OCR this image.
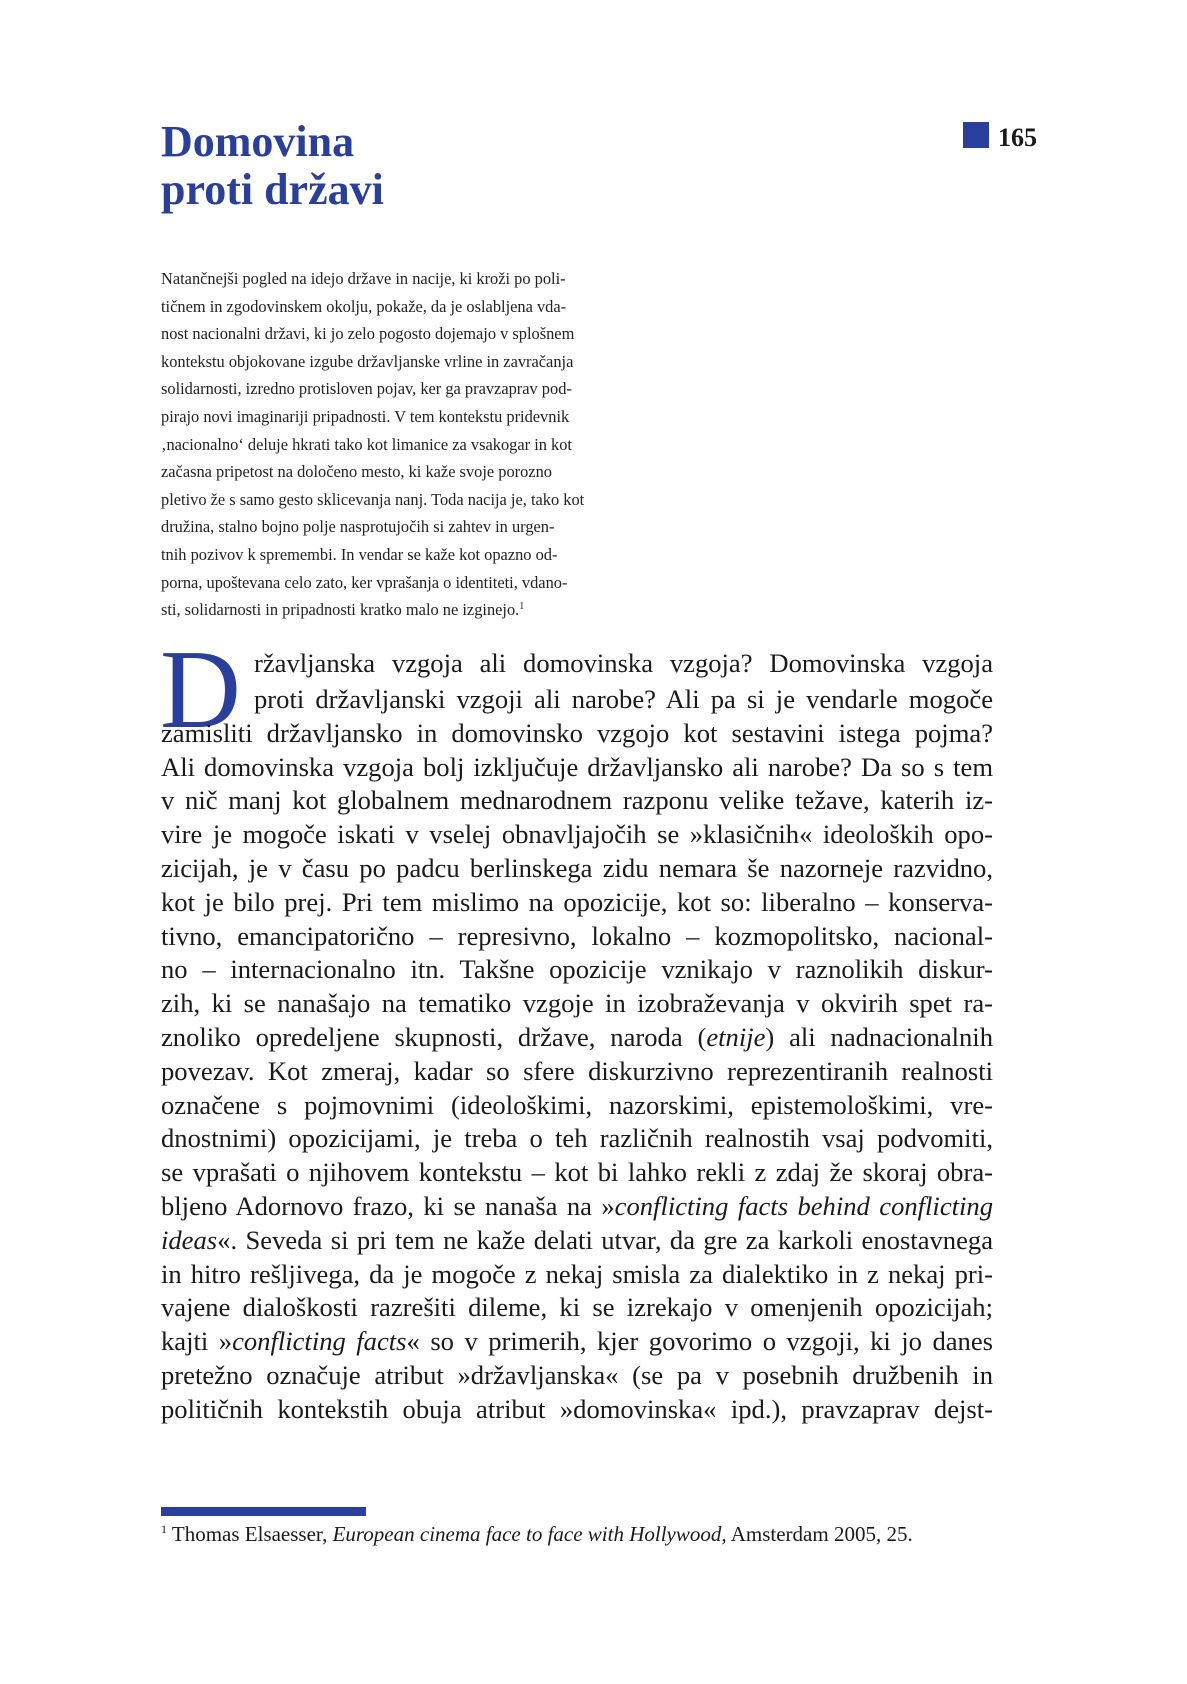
Domovina
proti državi
165
Natančnejši pogled na idejo države in nacije, ki kroži po poli-
tičnem in zgodovinskem okolju, pokaže, da je oslabljena vda-
nost nacionalni državi, ki jo zelo pogosto dojemajo v splošnem
kontekstu objokovane izgube državljanske vrline in zavračanja
solidarnosti, izredno protisloven pojav, ker ga pravzaprav pod-
pirajo novi imaginariji pripadnosti. V tem kontekstu pridevnik
‚nacionalno‘ deluje hkrati tako kot limanice za vsakogar in kot
začasna pripetost na določeno mesto, ki kaže svoje porozno
pletivo že s samo gesto sklicevanja nanj. Toda nacija je, tako kot
družina, stalno bojno polje nasprotujočih si zahtev in urgen-
tnih pozivov k spremembi. In vendar se kaže kot opazno od-
porna, upoštevana celo zato, ker vprašanja o identiteti, vdano-
sti, solidarnosti in pripadnosti kratko malo ne izginejo.$^1$
D ržavljanska vzgoja ali domovinska vzgoja? Domovinska vzgoja
proti državljanski vzgoji ali narobe? Ali pa si je vendarle mogoče
zamisliti državljansko in domovinsko vzgojo kot sestavini istega pojma?
Ali domovinska vzgoja bolj izključuje državljansko ali narobe? Da so s tem
v nič manj kot globalnem mednarodnem razponu velike težave, katerih iz-
vire je mogoče iskati v vselej obnavljajočih se »klasičnih« ideoloških opo-
zicijah, je v času po padcu berlinskega zidu nemara še nazorneje razvidno,
kot je bilo prej. Pri tem mislimo na opozicije, kot so: liberalno – konserva-
tivno, emancipatorično – represivno, lokalno – kozmopolitsko, nacional-
no – internacionalno itn. Takšne opozicije vznikajo v raznolikih diskur-
zih, ki se nanašajo na tematiko vzgoje in izobraževanja v okvirih spet ra-
znoliko opredeljene skupnosti, države, naroda (etnije) ali nadnacionalnih
povezav. Kot zmeraj, kadar so sfere diskurzivno reprezentiranih realnosti
označene s pojmovnimi (ideološkimi, nazorskimi, epistemološkimi, vre-
dnostnimi) opozicijami, je treba o teh različnih realnostih vsaj podvomiti,
se vprašati o njihovem kontekstu – kot bi lahko rekli z zdaj že skoraj obra-
bljeno Adornovo frazo, ki se nanaša na »conflicting facts behind conflicting
ideas«. Seveda si pri tem ne kaže delati utvar, da gre za karkoli enostavnega
in hitro rešljivega, da je mogoče z nekaj smisla za dialektiko in z nekaj pri-
vajene dialoškosti razrešiti dileme, ki se izrekajo v omenjenih opozicijah;
kajti »conflicting facts« so v primerih, kjer govorimo o vzgoji, ki jo danes
pretežno označuje atribut »državljanska« (se pa v posebnih družbenih in
političnih kontekstih obuja atribut »domovinska« ipd.), pravzaprav dejst-
$^1$ Thomas Elsaesser, European cinema face to face with Hollywood, Amsterdam 2005, 25.
